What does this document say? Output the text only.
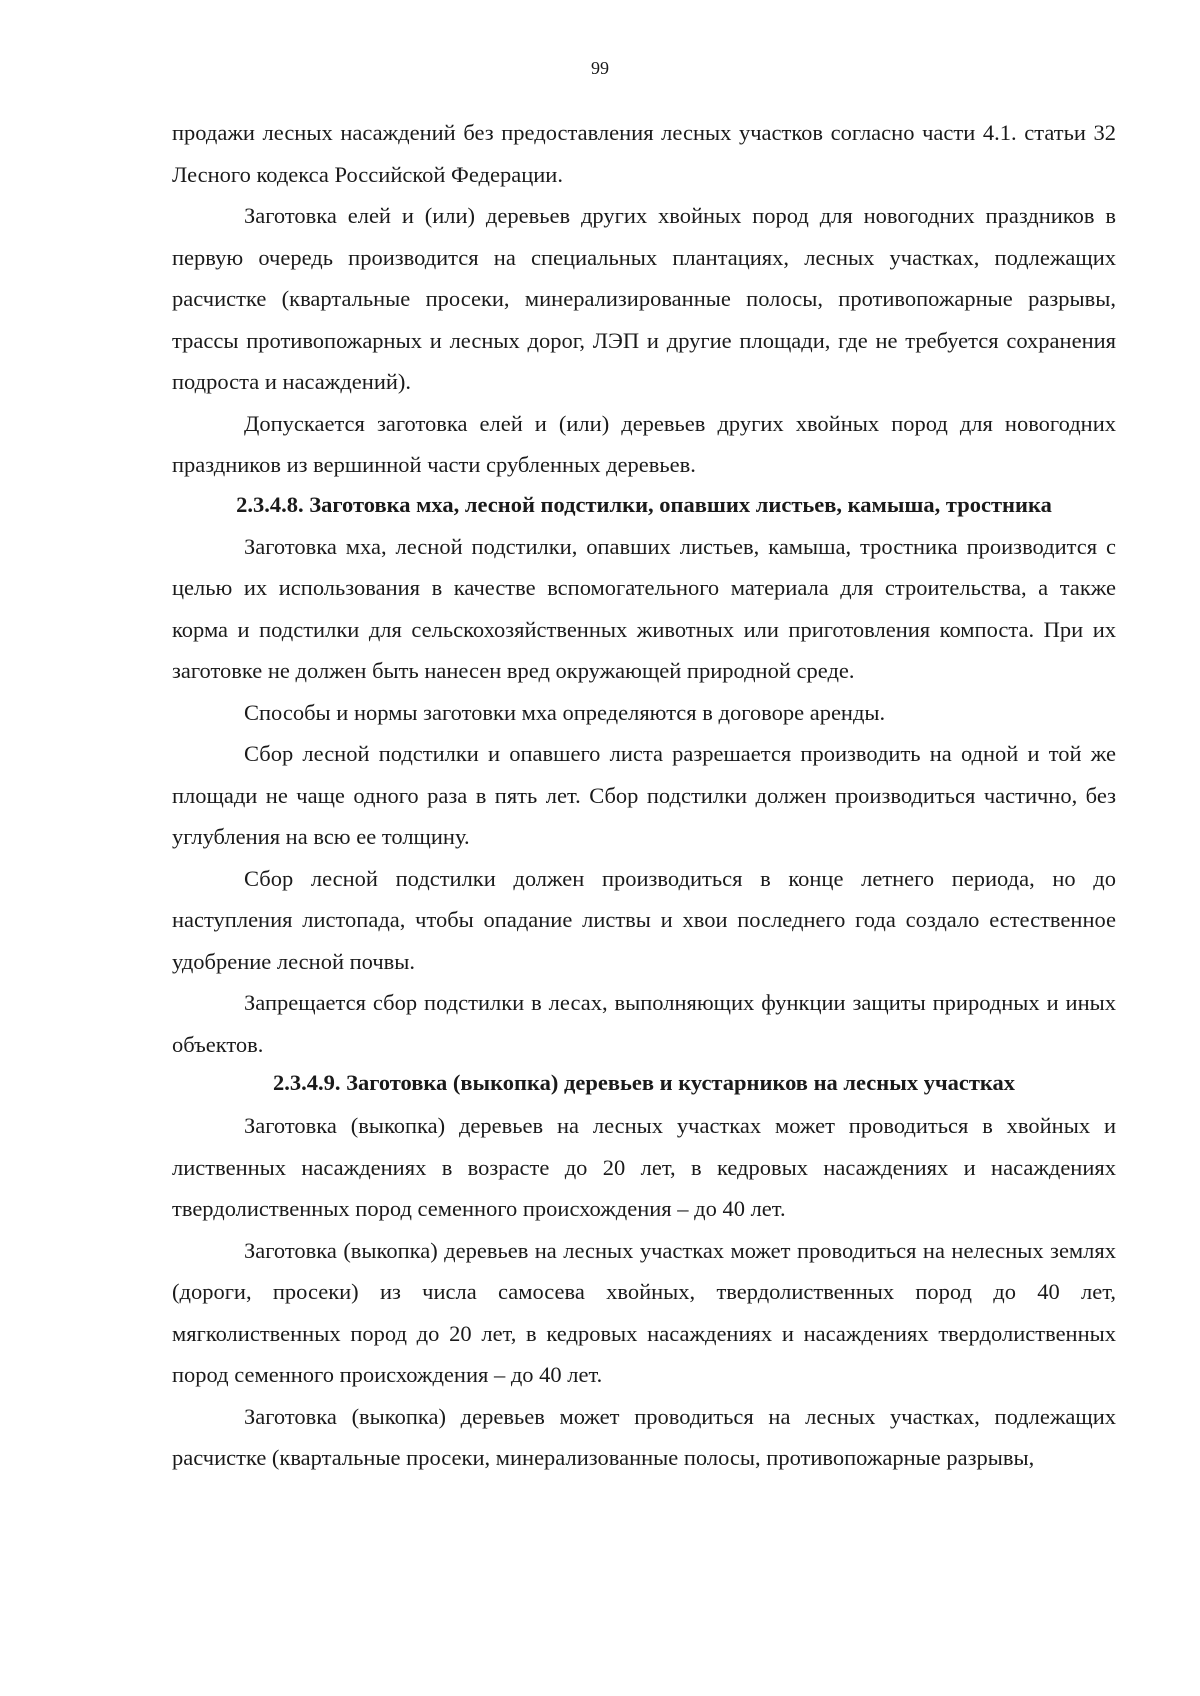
99

продажи лесных насаждений без предоставления лесных участков согласно части 4.1. статьи 32 Лесного кодекса Российской Федерации.

Заготовка елей и (или) деревьев других хвойных пород для новогодних праздников в первую очередь производится на специальных плантациях, лесных участках, подлежащих расчистке (квартальные просеки, минерализированные полосы, противопожарные разрывы, трассы противопожарных и лесных дорог, ЛЭП и другие площади, где не требуется сохранения подроста и насаждений).

Допускается заготовка елей и (или) деревьев других хвойных пород для новогодних праздников из вершинной части срубленных деревьев.

2.3.4.8. Заготовка мха, лесной подстилки, опавших листьев, камыша, тростника

Заготовка мха, лесной подстилки, опавших листьев, камыша, тростника производится с целью их использования в качестве вспомогательного материала для строительства, а также корма и подстилки для сельскохозяйственных животных или приготовления компоста. При их заготовке не должен быть нанесен вред окружающей природной среде.

Способы и нормы заготовки мха определяются в договоре аренды.

Сбор лесной подстилки и опавшего листа разрешается производить на одной и той же площади не чаще одного раза в пять лет. Сбор подстилки должен производиться частично, без углубления на всю ее толщину.

Сбор лесной подстилки должен производиться в конце летнего периода, но до наступления листопада, чтобы опадание листвы и хвои последнего года создало естественное удобрение лесной почвы.

Запрещается сбор подстилки в лесах, выполняющих функции защиты природных и иных объектов.

2.3.4.9. Заготовка (выкопка) деревьев и кустарников на лесных участках

Заготовка (выкопка) деревьев на лесных участках может проводиться в хвойных и лиственных насаждениях в возрасте до 20 лет, в кедровых насаждениях и насаждениях твердолиственных пород семенного происхождения – до 40 лет.

Заготовка (выкопка) деревьев на лесных участках может проводиться на нелесных землях (дороги, просеки) из числа самосева хвойных, твердолиственных пород до 40 лет, мягколиственных пород до 20 лет, в кедровых насаждениях и насаждениях твердолиственных пород семенного происхождения – до 40 лет.

Заготовка (выкопка) деревьев может проводиться на лесных участках, подлежащих расчистке (квартальные просеки, минерализованные полосы, противопожарные разрывы,
